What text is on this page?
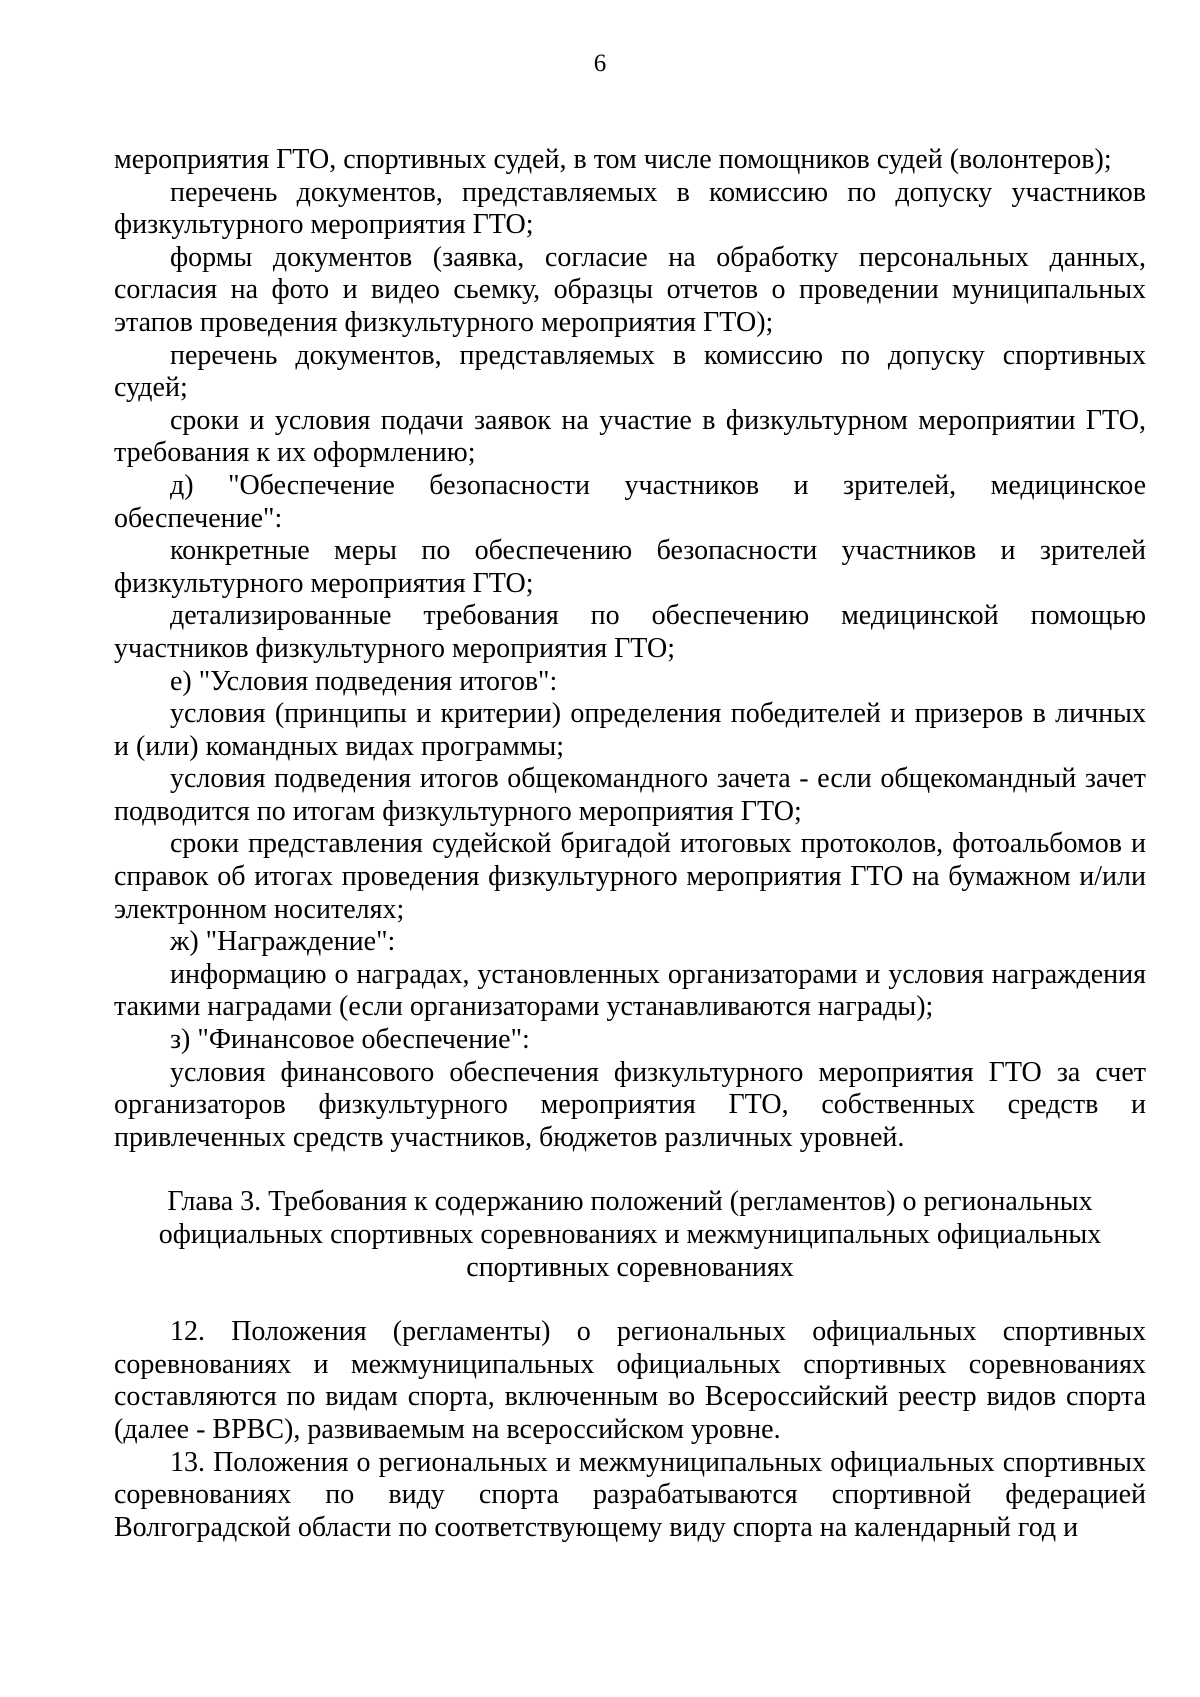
6

мероприятия ГТО, спортивных судей, в том числе помощников судей (волонтеров);

перечень документов, представляемых в комиссию по допуску участников физкультурного мероприятия ГТО;

формы документов (заявка, согласие на обработку персональных данных, согласия на фото и видео сьемку, образцы отчетов о проведении муниципальных этапов проведения физкультурного мероприятия ГТО);

перечень документов, представляемых в комиссию по допуску спортивных судей;

сроки и условия подачи заявок на участие в физкультурном мероприятии ГТО, требования к их оформлению;

д) "Обеспечение безопасности участников и зрителей, медицинское обеспечение":

конкретные меры по обеспечению безопасности участников и зрителей физкультурного мероприятия ГТО;

детализированные требования по обеспечению медицинской помощью участников физкультурного мероприятия ГТО;

е) "Условия подведения итогов":

условия (принципы и критерии) определения победителей и призеров в личных и (или) командных видах программы;

условия подведения итогов общекомандного зачета - если общекомандный зачет подводится по итогам физкультурного мероприятия ГТО;

сроки представления судейской бригадой итоговых протоколов, фотоальбомов и справок об итогах проведения физкультурного мероприятия ГТО на бумажном и/или электронном носителях;

ж) "Награждение":

информацию о наградах, установленных организаторами и условия награждения такими наградами (если организаторами устанавливаются награды);

з) "Финансовое обеспечение":

условия финансового обеспечения физкультурного мероприятия ГТО за счет организаторов физкультурного мероприятия ГТО, собственных средств и привлеченных средств участников, бюджетов различных уровней.

Глава 3. Требования к содержанию положений (регламентов) о региональных
официальных спортивных соревнованиях и межмуниципальных официальных
спортивных соревнованиях

12. Положения (регламенты) о региональных официальных спортивных соревнованиях и межмуниципальных официальных спортивных соревнованиях составляются по видам спорта, включенным во Всероссийский реестр видов спорта (далее - ВРВС), развиваемым на всероссийском уровне.

13. Положения о региональных и межмуниципальных официальных спортивных соревнованиях по виду спорта разрабатываются спортивной федерацией Волгоградской области по соответствующему виду спорта на календарный год и
